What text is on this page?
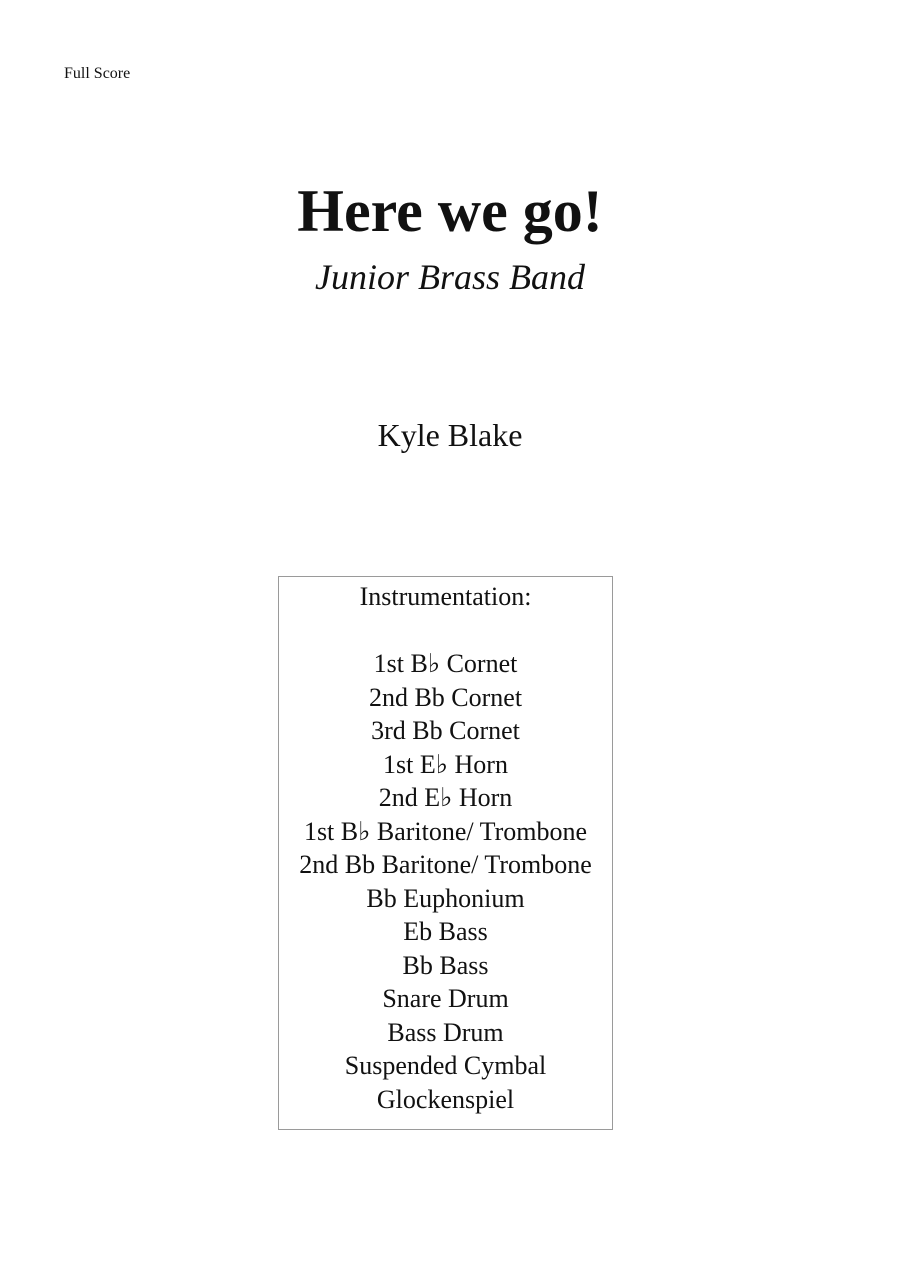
Full Score
Here we go!
Junior Brass Band
Kyle Blake
Instrumentation:
1st B♭ Cornet
2nd Bb Cornet
3rd Bb Cornet
1st E♭ Horn
2nd E♭ Horn
1st B♭ Baritone/ Trombone
2nd Bb Baritone/ Trombone
Bb Euphonium
Eb Bass
Bb Bass
Snare Drum
Bass Drum
Suspended Cymbal
Glockenspiel
